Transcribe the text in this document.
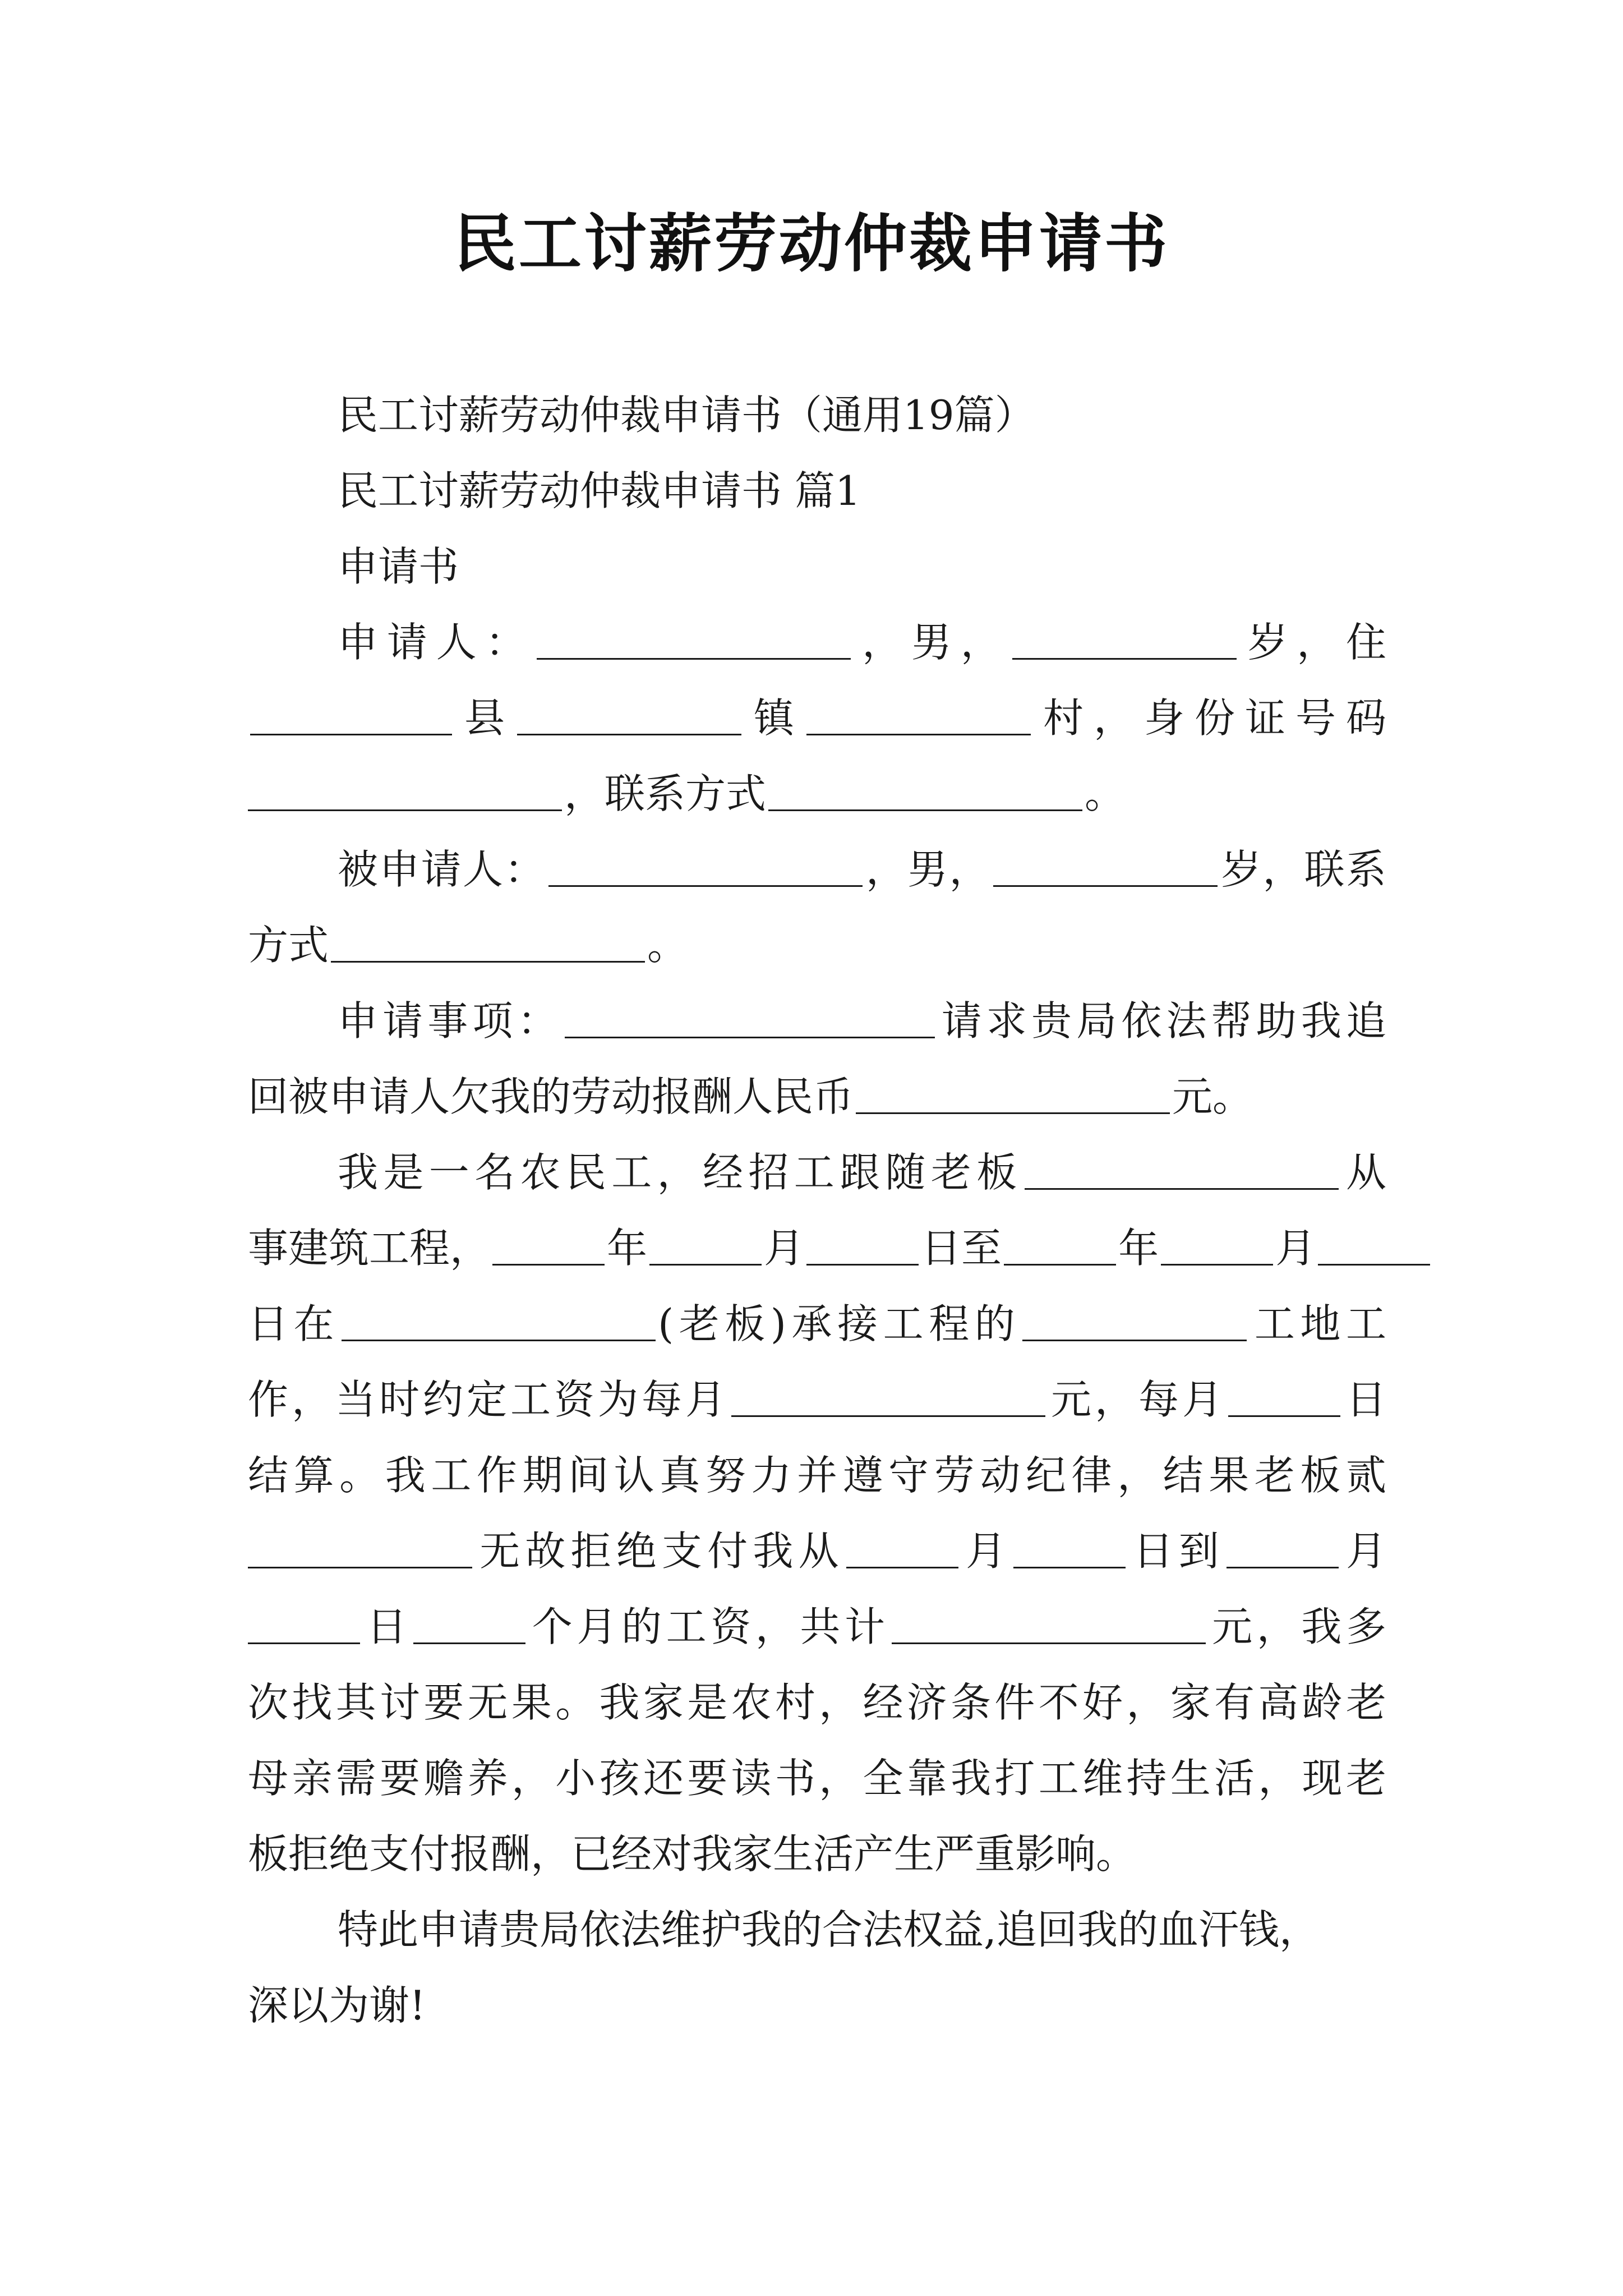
民工讨薪劳动仲裁申请书
民工讨薪劳动仲裁申请书（通用19篇）
民工讨薪劳动仲裁申请书 篇1
申请书
申请人：	，男，	岁，住
县	镇	村，身份证号码
，联系方式	。
被申请人：	，男，	岁，联系
方式	。
申请事项：	请求贵局依法帮助我追
回被申请人欠我的劳动报酬人民币	元。
我是一名农民工，经招工跟随老板	从
事建筑工程，	年	月	日至	年	月
日在	(老板)承接工程的	工地工
作，当时约定工资为每月	元，每月	日
结算。我工作期间认真努力并遵守劳动纪律，结果老板贰
无故拒绝支付我从	月	日到	月
日	个月的工资，共计	元，我多
次找其讨要无果。我家是农村，经济条件不好，家有高龄老
母亲需要赡养，小孩还要读书，全靠我打工维持生活，现老
板拒绝支付报酬，已经对我家生活产生严重影响。
特此申请贵局依法维护我的合法权益,追回我的血汗钱，
深以为谢!
